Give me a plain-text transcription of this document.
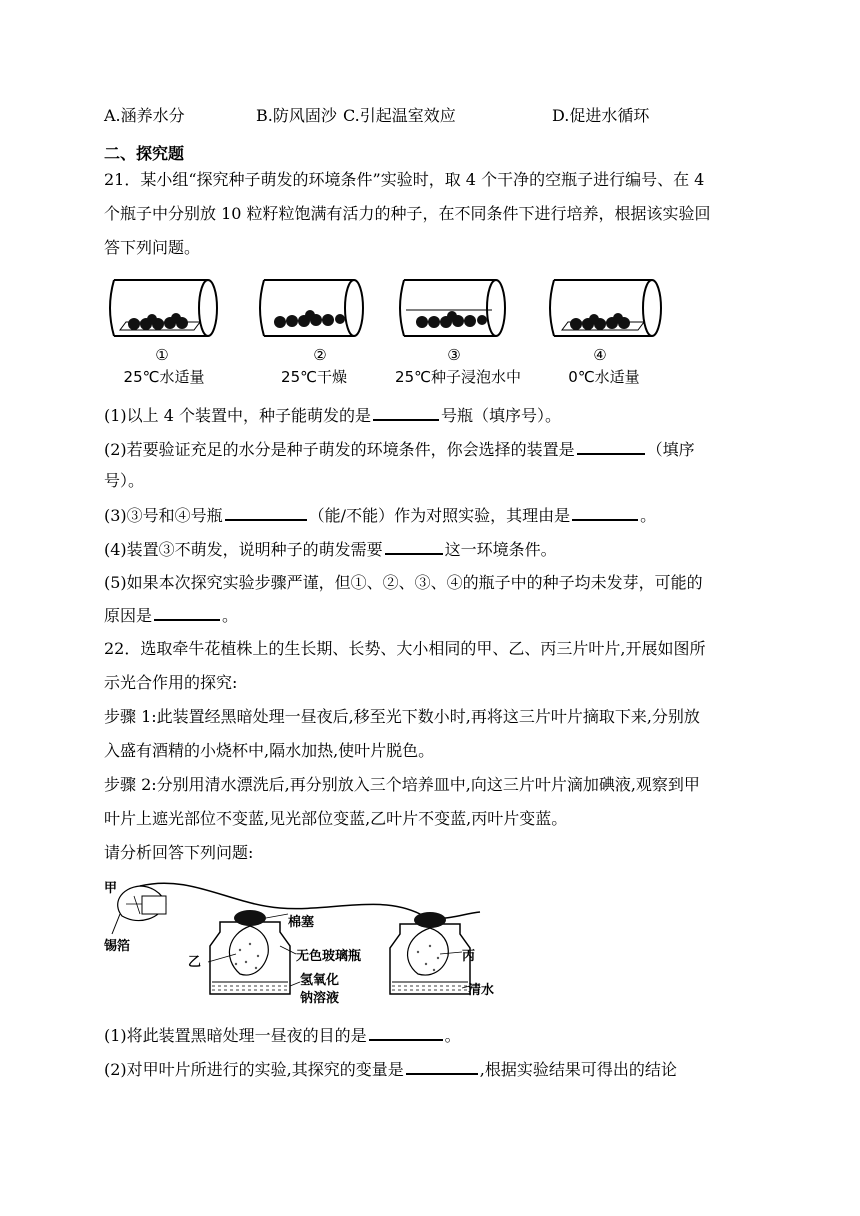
A.涵养水分	B.防风固沙 C.引起温室效应	D.促进水循环
二、探究题
21．某小组“探究种子萌发的环境条件”实验时，取 4 个干净的空瓶子进行编号、在 4
个瓶子中分别放 10 粒籽粒饱满有活力的种子，在不同条件下进行培养，根据该实验回
答下列问题。
①
25℃水适量
②
25℃干燥
③
25℃种子浸泡水中
④
0℃水适量
(1)以上 4 个装置中，种子能萌发的是	号瓶（填序号）。
(2)若要验证充足的水分是种子萌发的环境条件，你会选择的装置是	（填序
号）。
(3)③号和④号瓶	（能/不能）作为对照实验，其理由是	。
(4)装置③不萌发，说明种子的萌发需要	这一环境条件。
(5)如果本次探究实验步骤严谨，但①、②、③、④的瓶子中的种子均未发芽，可能的
原因是	。
22．选取牵牛花植株上的生长期、长势、大小相同的甲、乙、丙三片叶片,开展如图所
示光合作用的探究:
步骤 1:此装置经黑暗处理一昼夜后,移至光下数小时,再将这三片叶片摘取下来,分别放
入盛有酒精的小烧杯中,隔水加热,使叶片脱色。
步骤 2:分别用清水漂洗后,再分别放入三个培养皿中,向这三片叶片滴加碘液,观察到甲
叶片上遮光部位不变蓝,见光部位变蓝,乙叶片不变蓝,丙叶片变蓝。
请分析回答下列问题:
甲
锡箔
乙
棉塞
无色玻璃瓶	丙
氢氧化
钠溶液
清水
(1)将此装置黑暗处理一昼夜的目的是	。
(2)对甲叶片所进行的实验,其探究的变量是	,根据实验结果可得出的结论
